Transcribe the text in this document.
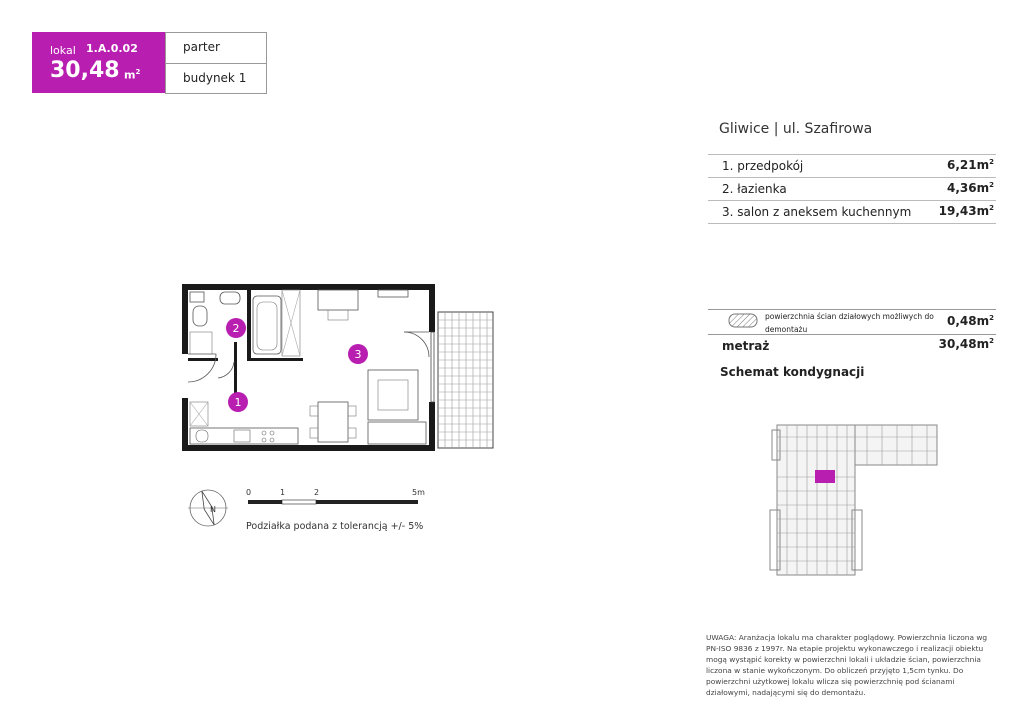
lokal 1.A.0.02
30,48 $m^2$
parter
budynek 1
Gliwice | ul. Szafirowa
1. przedpokój	$6,21m^2$
2. łazienka	$4,36m^2$
3. salon z aneksem kuchennym $19,43m^2$
powierzchnia ścian działowych możliwych do demontażu
$0,48m^2$
metraż	$30,48m^2$
Schemat kondygnacji
2
3
1
N
0	1	2	5m
Podziałka podana z tolerancją +/- 5%
UWAGA: Aranżacja lokalu ma charakter poglądowy. Powierzchnia liczona wg PN-ISO 9836 z 1997r. Na etapie projektu wykonawczego i realizacji obiektu mogą wystąpić korekty w powierzchni lokali i układzie ścian, powierzchnia liczona w stanie wykończonym. Do obliczeń przyjęto 1,5cm tynku. Do powierzchni użytkowej lokalu wlicza się powierzchnię pod ścianami działowymi, nadającymi się do demontażu.
